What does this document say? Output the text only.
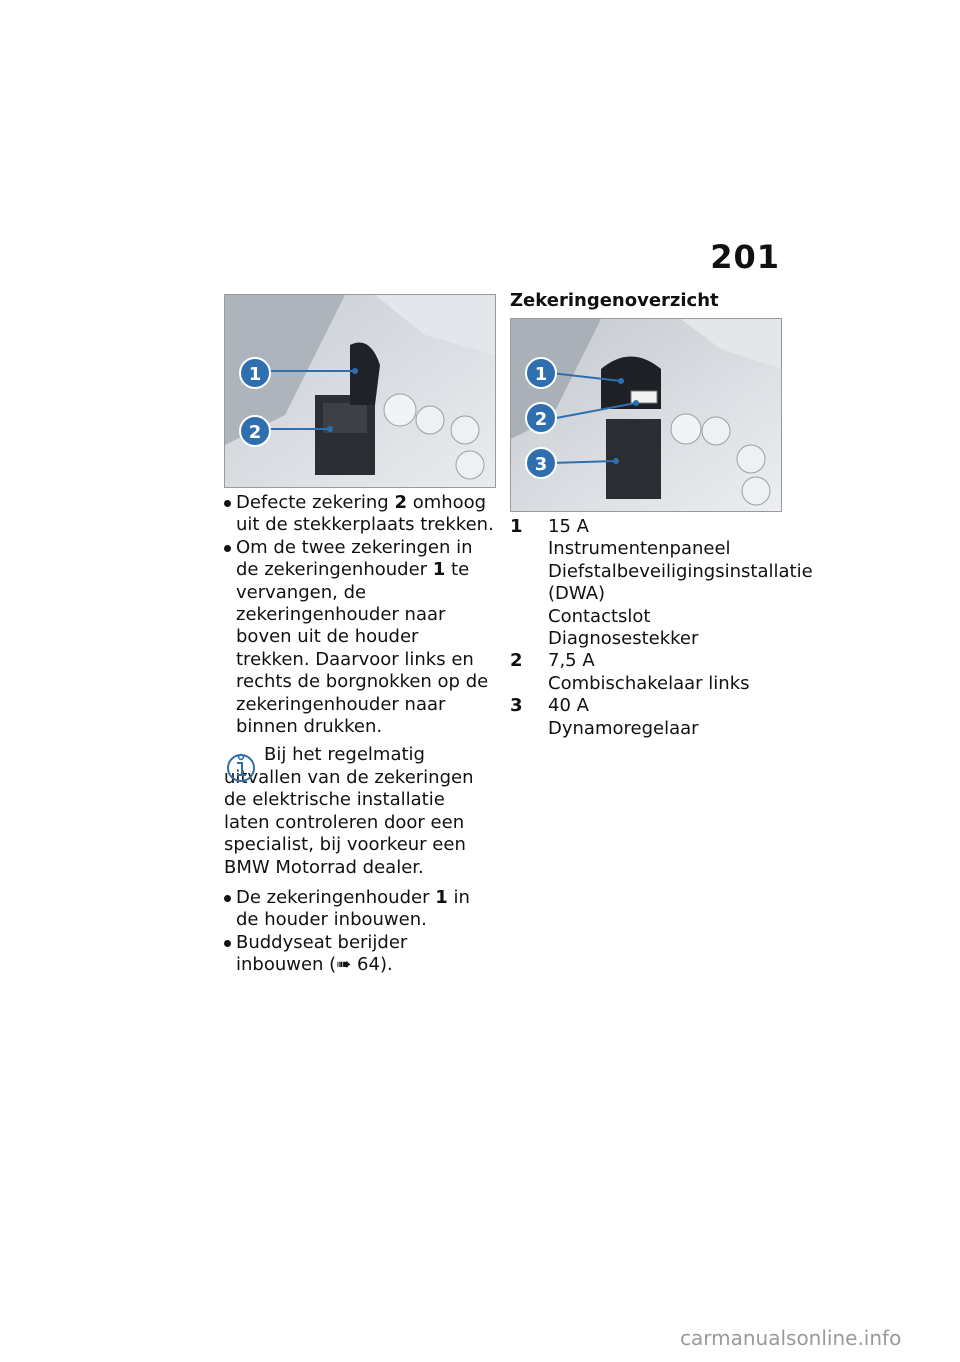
201
1
2

Defecte zekering 2 omhoog uit de stekkerplaats trekken.

Om de twee zekeringen in de zekeringenhouder 1 te vervangen, de zekeringenhouder naar boven uit de houder trekken. Daarvoor links en rechts de borgnokken op de zekeringenhouder naar binnen drukken.

Bij het regelmatig uitvallen van de zekeringen de elektrische installatie laten controleren door een specialist, bij voorkeur een BMW Motorrad dealer.

De zekeringenhouder 1 in de houder inbouwen.

Buddyseat berijder inbouwen (➠ 64).

Zekeringenoverzicht

1
2
3
1	15 A
Instrumentenpaneel
Diefstalbeveiligingsinstallatie (DWA)
Contactslot
Diagnosestekker
2	7,5 A
Combischakelaar links
3	40 A
Dynamoregelaar
carmanualsonline.info
